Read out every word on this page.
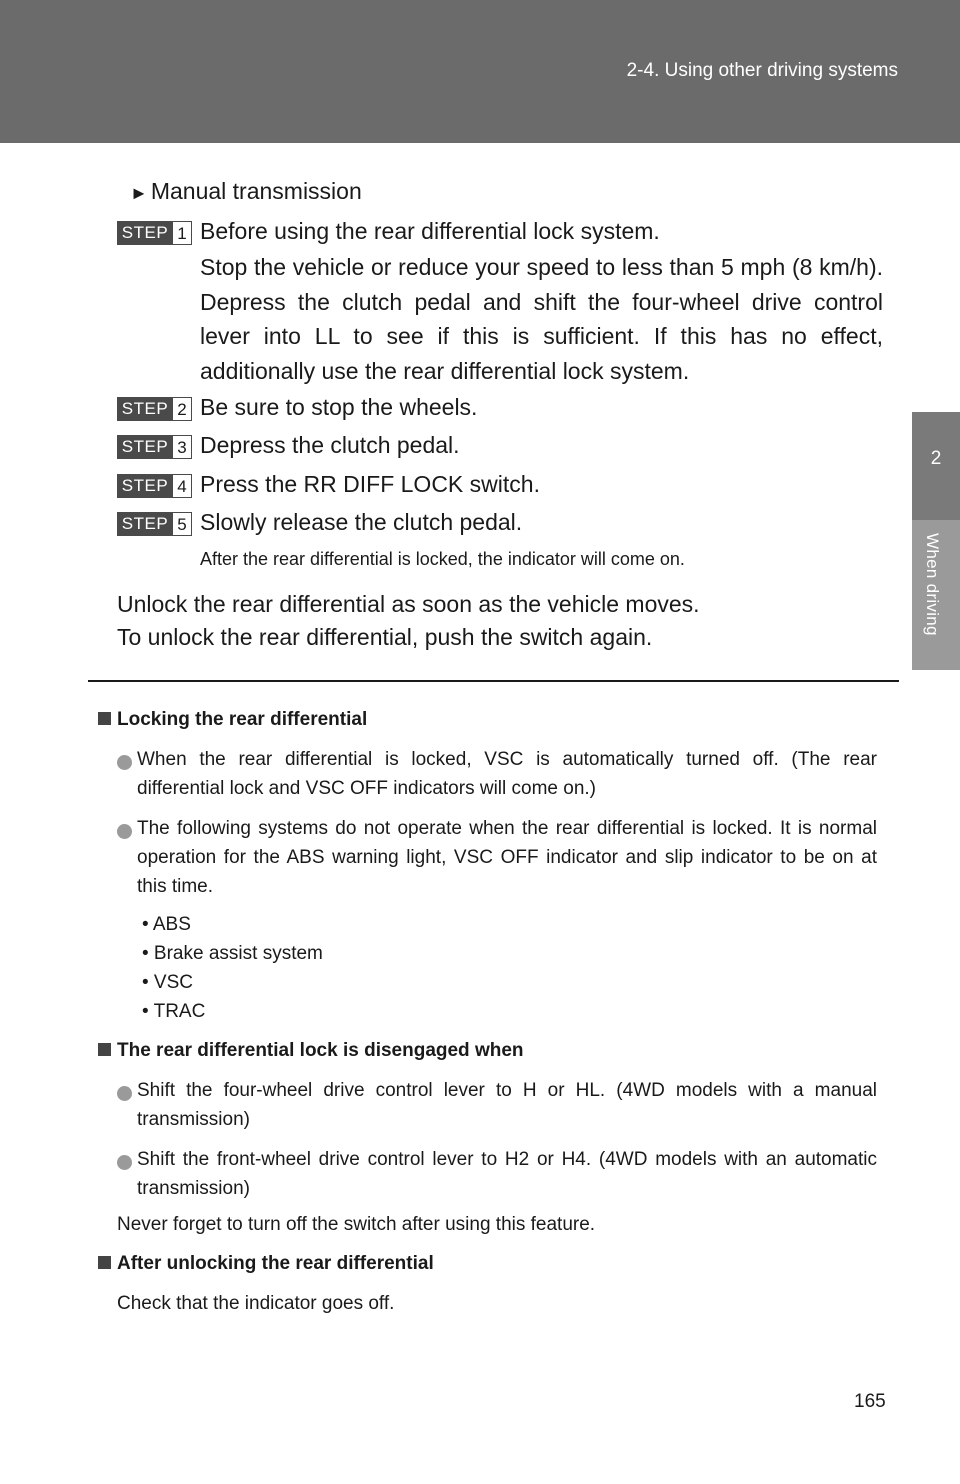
2-4. Using other driving systems
2
When driving
► Manual transmission
STEP 1 Before using the rear differential lock system.
Stop the vehicle or reduce your speed to less than 5 mph (8 km/h). Depress the clutch pedal and shift the four-wheel drive control lever into LL to see if this is sufficient. If this has no effect, additionally use the rear differential lock system.
STEP 2 Be sure to stop the wheels.
STEP 3 Depress the clutch pedal.
STEP 4 Press the RR DIFF LOCK switch.
STEP 5 Slowly release the clutch pedal.
After the rear differential is locked, the indicator will come on.
Unlock the rear differential as soon as the vehicle moves.
To unlock the rear differential, push the switch again.
Locking the rear differential
When the rear differential is locked, VSC is automatically turned off. (The rear differential lock and VSC OFF indicators will come on.)
The following systems do not operate when the rear differential is locked. It is normal operation for the ABS warning light, VSC OFF indicator and slip indicator to be on at this time.
• ABS
• Brake assist system
• VSC
• TRAC
The rear differential lock is disengaged when
Shift the four-wheel drive control lever to H or HL. (4WD models with a manual transmission)
Shift the front-wheel drive control lever to H2 or H4. (4WD models with an automatic transmission)
Never forget to turn off the switch after using this feature.
After unlocking the rear differential
Check that the indicator goes off.
165
